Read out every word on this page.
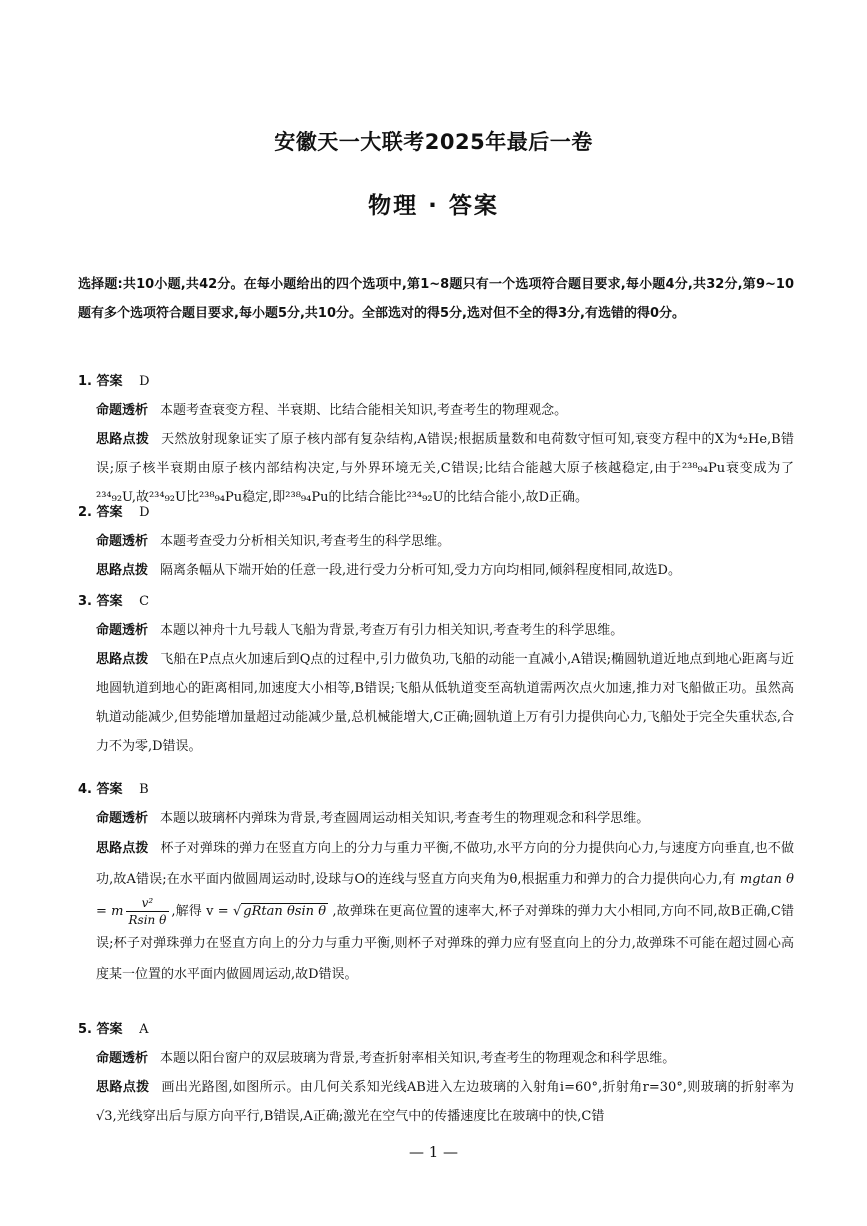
安徽天一大联考2025年最后一卷
物理 · 答案
选择题:共10小题,共42分。在每小题给出的四个选项中,第1~8题只有一个选项符合题目要求,每小题4分,共32分,第9~10题有多个选项符合题目要求,每小题5分,共10分。全部选对的得5分,选对但不全的得3分,有选错的得0分。
1. 答案 D
命题透析 本题考查衰变方程、半衰期、比结合能相关知识,考查考生的物理观念。
思路点拨 天然放射现象证实了原子核内部有复杂结构,A错误;根据质量数和电荷数守恒可知,衰变方程中的X为⁴₂He,B错误;原子核半衰期由原子核内部结构决定,与外界环境无关,C错误;比结合能越大原子核越稳定,由于²³⁸₉₄Pu衰变成为了²³⁴₉₂U,故²³⁴₉₂U比²³⁸₉₄Pu稳定,即²³⁸₉₄Pu的比结合能比²³⁴₉₂U的比结合能小,故D正确。
2. 答案 D
命题透析 本题考查受力分析相关知识,考查考生的科学思维。
思路点拨 隔离条幅从下端开始的任意一段,进行受力分析可知,受力方向均相同,倾斜程度相同,故选D。
3. 答案 C
命题透析 本题以神舟十九号载人飞船为背景,考查万有引力相关知识,考查考生的科学思维。
思路点拨 飞船在P点点火加速后到Q点的过程中,引力做负功,飞船的动能一直减小,A错误;椭圆轨道近地点到地心距离与近地圆轨道到地心的距离相同,加速度大小相等,B错误;飞船从低轨道变至高轨道需两次点火加速,推力对飞船做正功。虽然高轨道动能减少,但势能增加量超过动能减少量,总机械能增大,C正确;圆轨道上万有引力提供向心力,飞船处于完全失重状态,合力不为零,D错误。
4. 答案 B
命题透析 本题以玻璃杯内弹珠为背景,考查圆周运动相关知识,考查考生的物理观念和科学思维。
思路点拨 杯子对弹珠的弹力在竖直方向上的分力与重力平衡,不做功,水平方向的分力提供向心力,与速度方向垂直,也不做功,故A错误;在水平面内做圆周运动时,设球与O的连线与竖直方向夹角为θ,根据重力和弹力的合力提供向心力,有 mgtan θ = m $\frac{\text{v²}}{\text{Rsin θ}}$ ,解得 v = √ gRtan θsin θ ,故弹珠在更高位置的速率大,杯子对弹珠的弹力大小相同,方向不同,故B正确,C错误;杯子对弹珠弹力在竖直方向上的分力与重力平衡,则杯子对弹珠的弹力应有竖直向上的分力,故弹珠不可能在超过圆心高度某一位置的水平面内做圆周运动,故D错误。
5. 答案 A
命题透析 本题以阳台窗户的双层玻璃为背景,考查折射率相关知识,考查考生的物理观念和科学思维。
思路点拨 画出光路图,如图所示。由几何关系知光线AB进入左边玻璃的入射角i=60°,折射角r=30°,则玻璃的折射率为√3,光线穿出后与原方向平行,B错误,A正确;激光在空气中的传播速度比在玻璃中的快,C错
— 1 —
